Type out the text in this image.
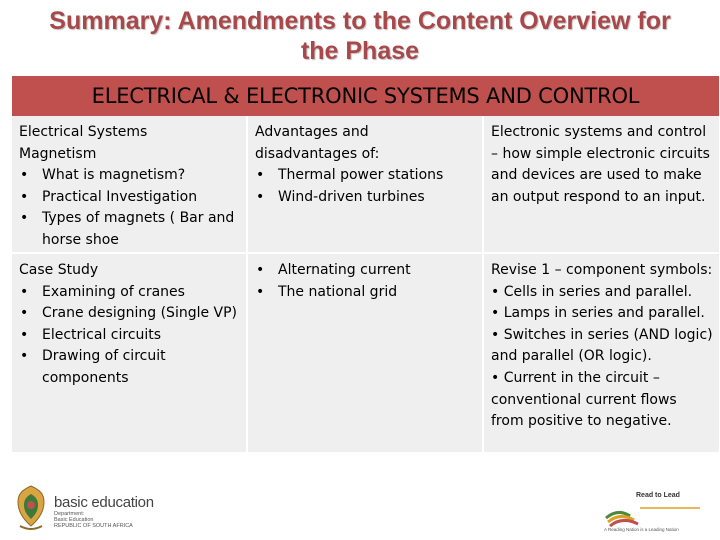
Summary: Amendments to the Content Overview for
the Phase
ELECTRICAL & ELECTRONIC SYSTEMS AND CONTROL
Electrical Systems
Magnetism
• What is magnetism?
• Practical Investigation
• Types of magnets ( Bar and horse shoe
Advantages and
disadvantages of:
• Thermal power stations
• Wind-driven turbines
Electronic systems and control – how simple electronic circuits and devices are used to make an output respond to an input.
Case Study
• Examining of cranes
• Crane designing (Single VP)
• Electrical circuits
• Drawing of circuit components
• Alternating current
• The national grid
Revise 1 – component symbols:
• Cells in series and parallel.
• Lamps in series and parallel.
• Switches in series (AND logic) and parallel (OR logic).
• Current in the circuit – conventional current flows from positive to negative.
basic education
Department:
Basic Education
REPUBLIC OF SOUTH AFRICA
Read to Lead
A Reading Nation is a Leading Nation
